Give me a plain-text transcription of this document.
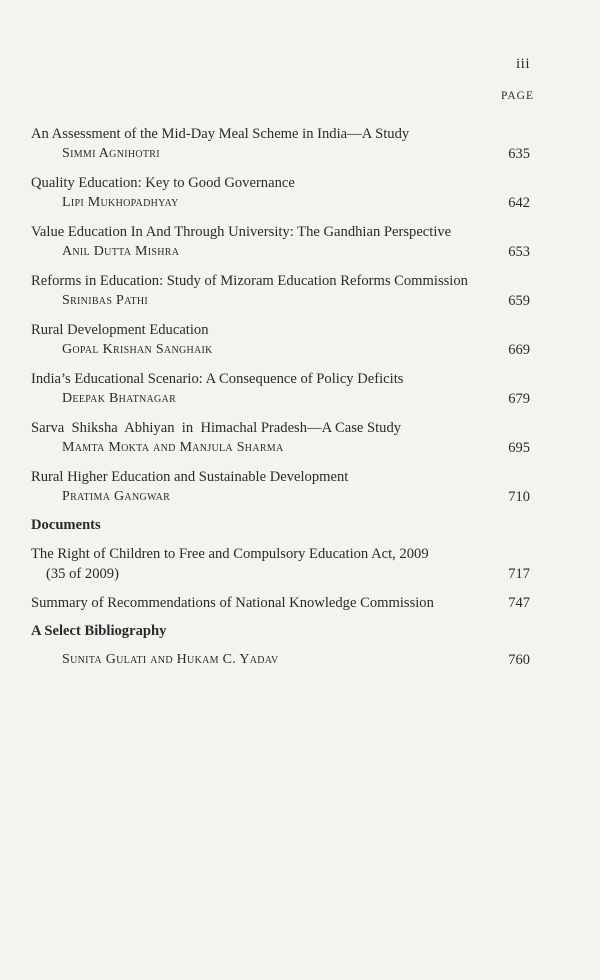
iii
PAGE
An Assessment of the Mid-Day Meal Scheme in India—A Study
Simmi Agnihotri	635
Quality Education: Key to Good Governance
Lipi Mukhopadhyay	642
Value Education In And Through University: The Gandhian Perspective
Anil Dutta Mishra	653
Reforms in Education: Study of Mizoram Education Reforms Commission
Srinibas Pathi	659
Rural Development Education
Gopal Krishan Sanghaik	669
India’s Educational Scenario: A Consequence of Policy Deficits
Deepak Bhatnagar	679
Sarva  Shiksha  Abhiyan  in  Himachal Pradesh—A Case Study
Mamta Mokta and Manjula Sharma	695
Rural Higher Education and Sustainable Development
Pratima Gangwar	710
Documents
The Right of Children to Free and Compulsory Education Act, 2009
(35 of 2009)	717
Summary of Recommendations of National Knowledge Commission	747
A Select Bibliography
Sunita Gulati and Hukam C. Yadav	760
